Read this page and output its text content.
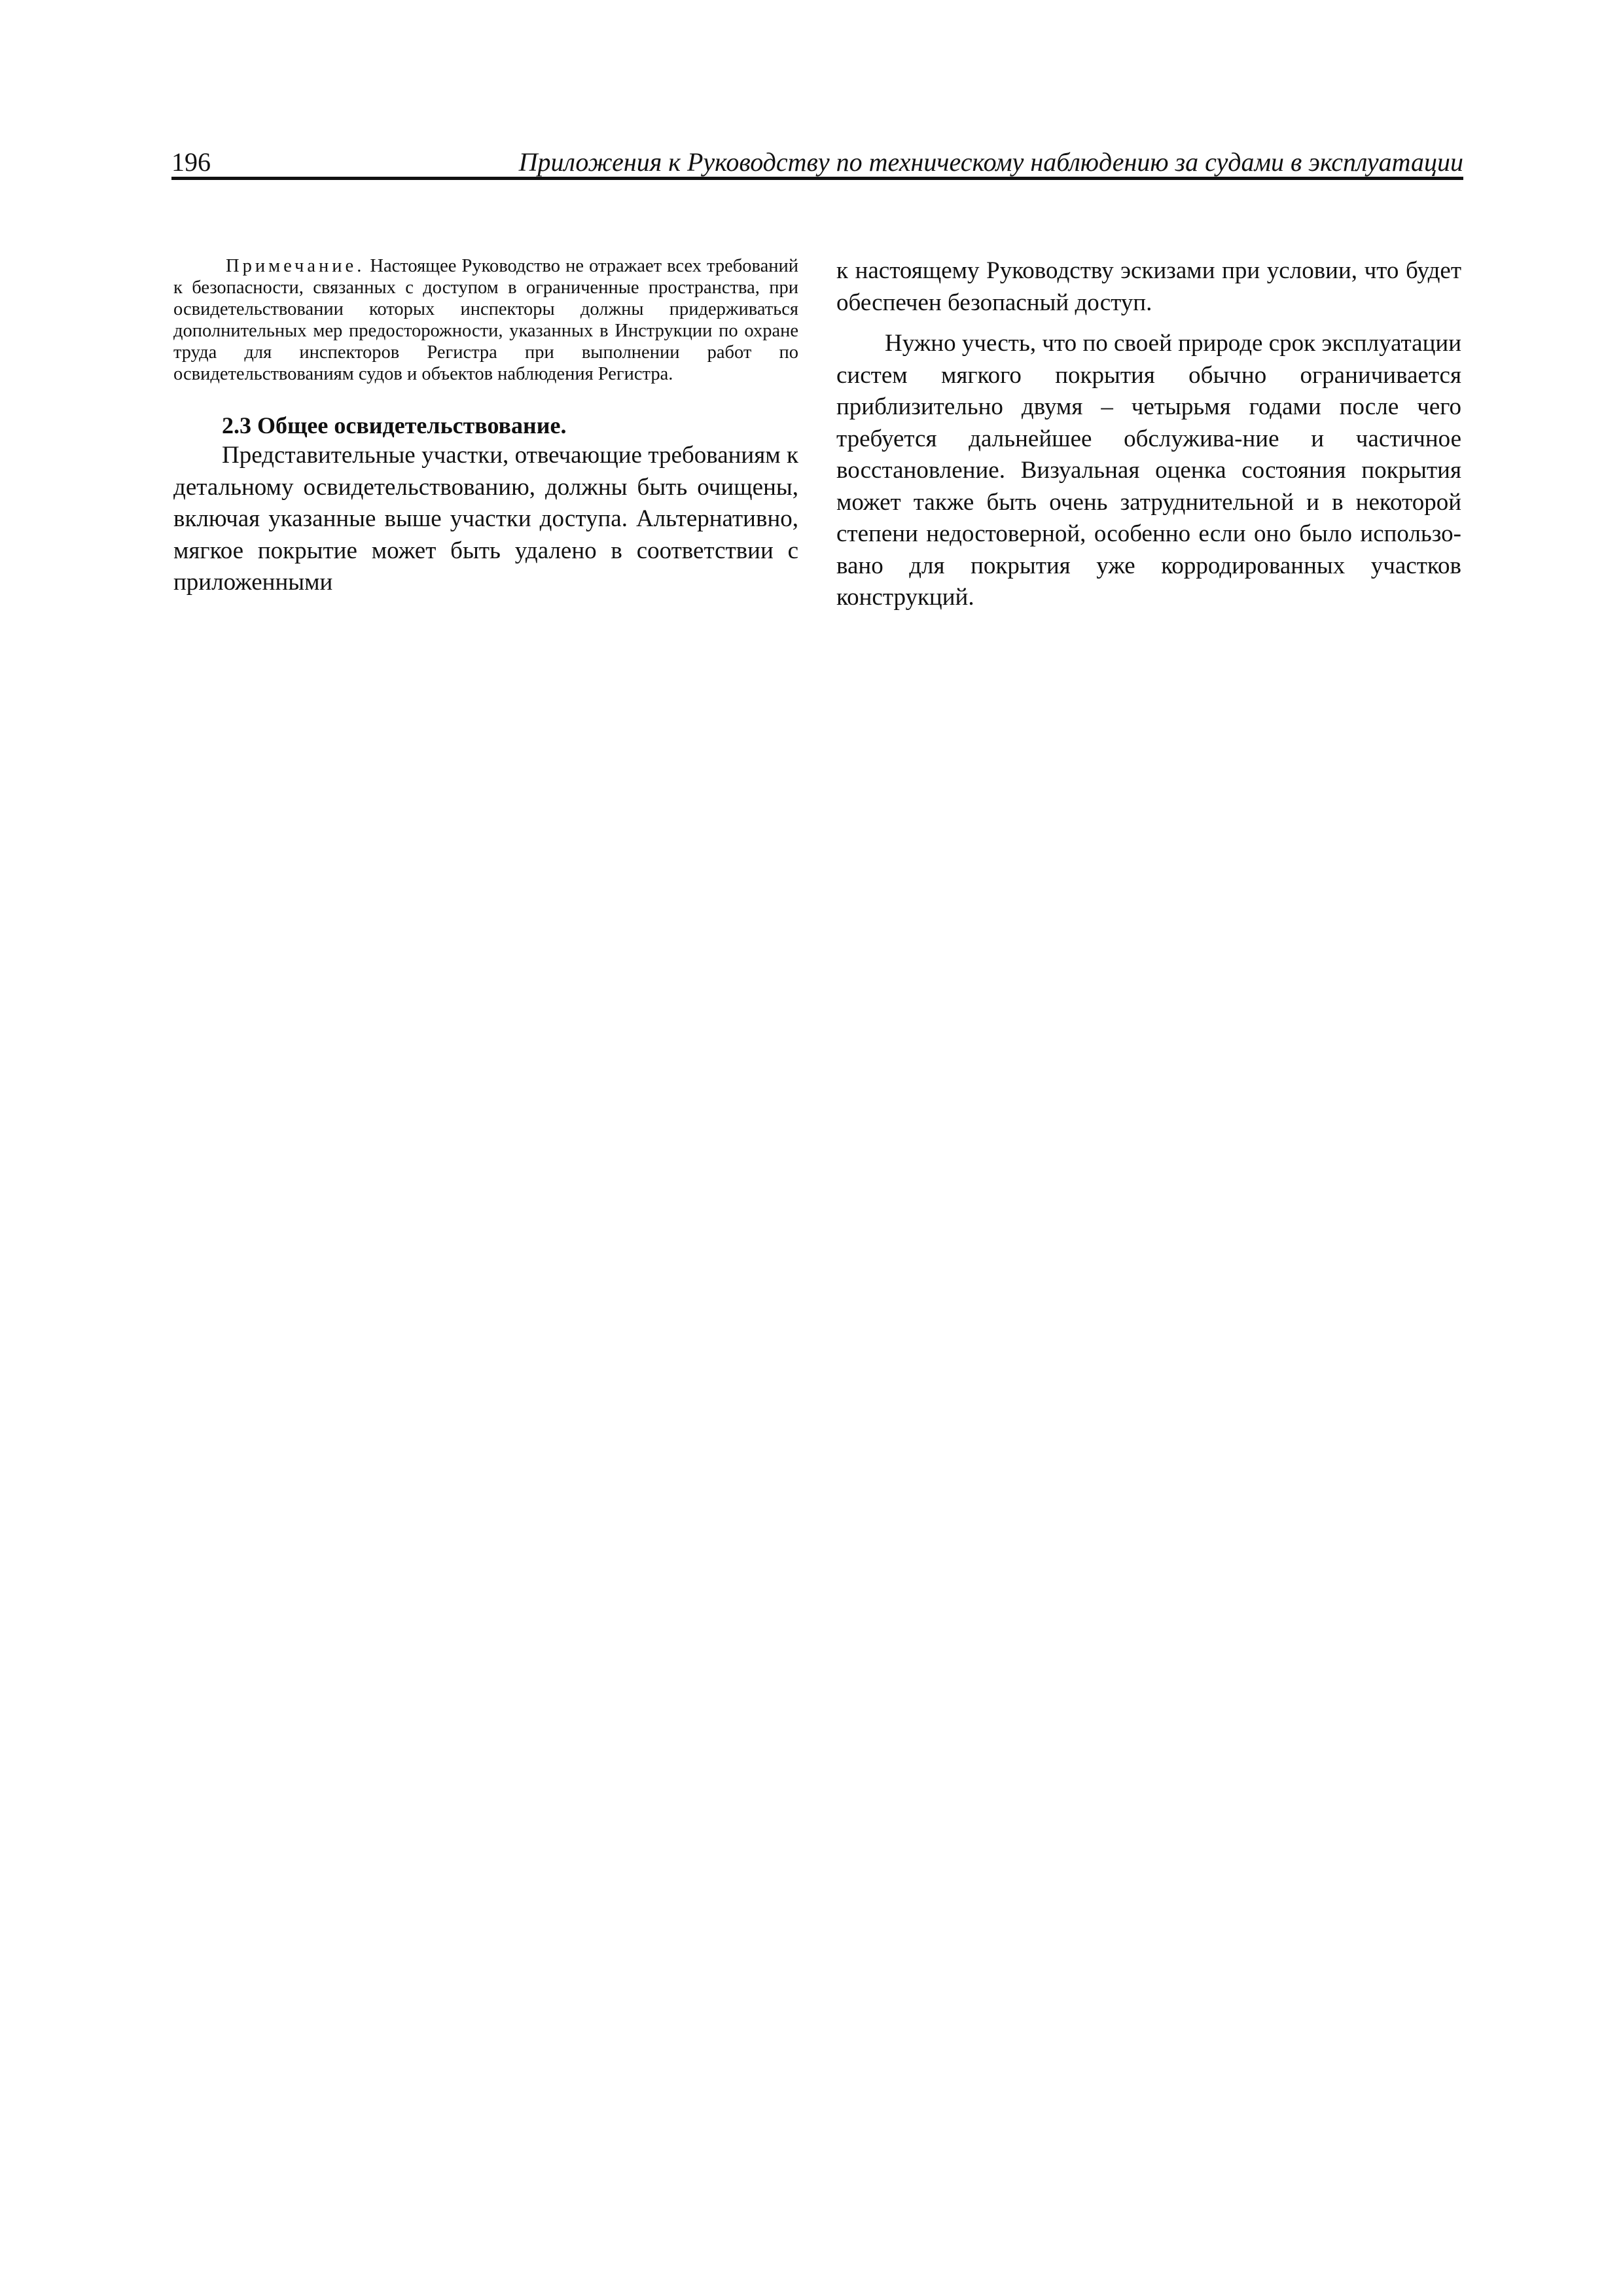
196	Приложения к Руководству по техническому наблюдению за судами в эксплуатации

Примечание. Настоящее Руководство не отражает всех требований к безопасности, связанных с доступом в ограниченные пространства, при освидетельствовании которых инспекторы должны придерживаться дополнительных мер предосторожности, указанных в Инструкции по охране труда для инспекторов Регистра при выполнении работ по освидетельствованиям судов и объектов наблюдения Регистра.

2.3 Общее освидетельствование.

Представительные участки, отвечающие требованиям к детальному освидетельствованию, должны быть очищены, включая указанные выше участки доступа. Альтернативно, мягкое покрытие может быть удалено в соответствии с приложенными

к настоящему Руководству эскизами при условии, что будет обеспечен безопасный доступ.

Нужно учесть, что по своей природе срок эксплуатации систем мягкого покрытия обычно ограничивается приблизительно двумя – четырьмя годами после чего требуется дальнейшее обслужива-ние и частичное восстановление. Визуальная оценка состояния покрытия может также быть очень затруднительной и в некоторой степени недостоверной, особенно если оно было использо-вано для покрытия уже корродированных участков конструкций.
